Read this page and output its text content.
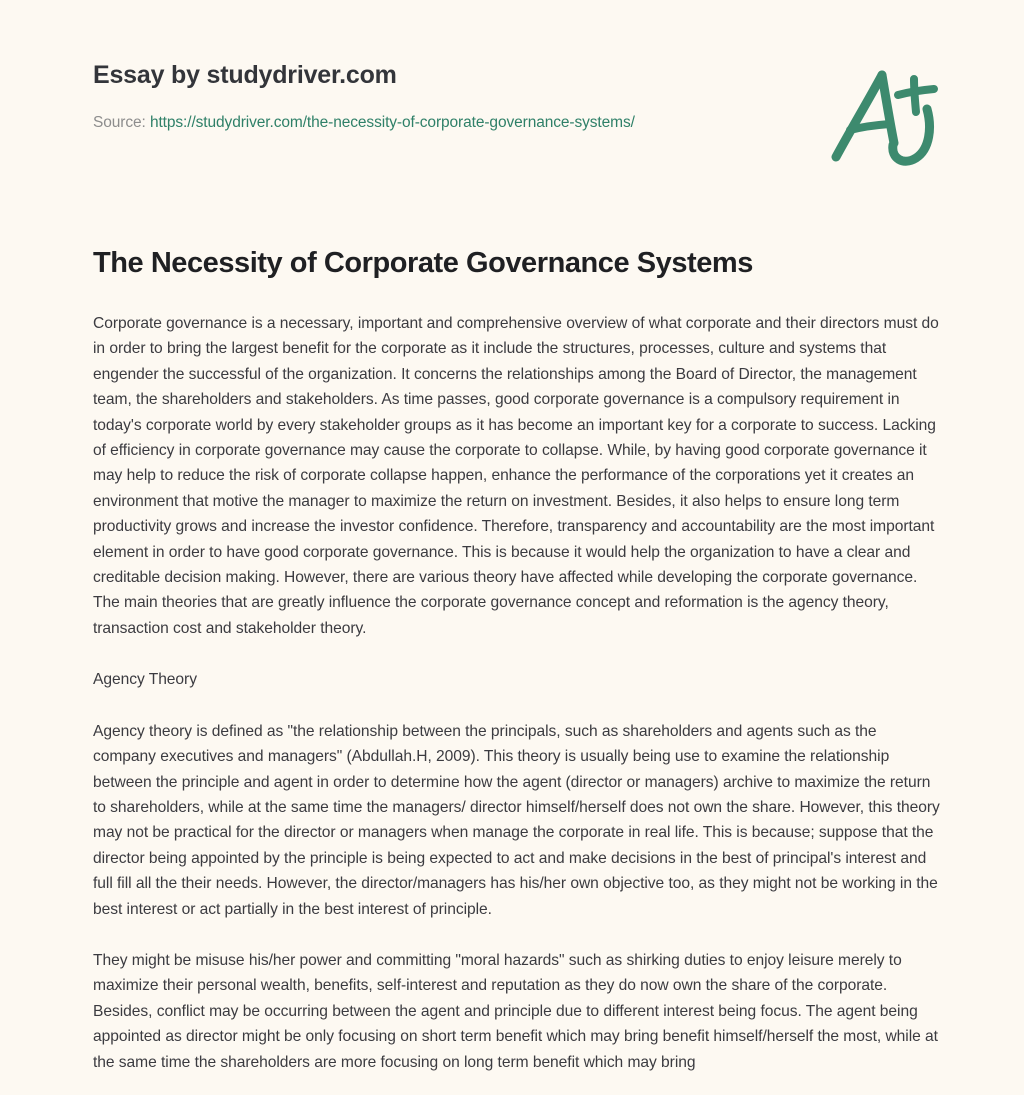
Essay by studydriver.com
Source: https://studydriver.com/the-necessity-of-corporate-governance-systems/
The Necessity of Corporate Governance Systems

Corporate governance is a necessary, important and comprehensive overview of what corporate and their directors must do in order to bring the largest benefit for the corporate as it include the structures, processes, culture and systems that engender the successful of the organization. It concerns the relationships among the Board of Director, the management team, the shareholders and stakeholders. As time passes, good corporate governance is a compulsory requirement in today's corporate world by every stakeholder groups as it has become an important key for a corporate to success. Lacking of efficiency in corporate governance may cause the corporate to collapse. While, by having good corporate governance it may help to reduce the risk of corporate collapse happen, enhance the performance of the corporations yet it creates an environment that motive the manager to maximize the return on investment. Besides, it also helps to ensure long term productivity grows and increase the investor confidence. Therefore, transparency and accountability are the most important element in order to have good corporate governance. This is because it would help the organization to have a clear and creditable decision making. However, there are various theory have affected while developing the corporate governance. The main theories that are greatly influence the corporate governance concept and reformation is the agency theory, transaction cost and stakeholder theory.

Agency Theory

Agency theory is defined as "the relationship between the principals, such as shareholders and agents such as the company executives and managers" (Abdullah.H, 2009). This theory is usually being use to examine the relationship between the principle and agent in order to determine how the agent (director or managers) archive to maximize the return to shareholders, while at the same time the managers/ director himself/herself does not own the share. However, this theory may not be practical for the director or managers when manage the corporate in real life. This is because; suppose that the director being appointed by the principle is being expected to act and make decisions in the best of principal's interest and full fill all the their needs. However, the director/managers has his/her own objective too, as they might not be working in the best interest or act partially in the best interest of principle.

They might be misuse his/her power and committing "moral hazards" such as shirking duties to enjoy leisure merely to maximize their personal wealth, benefits, self-interest and reputation as they do now own the share of the corporate. Besides, conflict may be occurring between the agent and principle due to different interest being focus. The agent being appointed as director might be only focusing on short term benefit which may bring benefit himself/herself the most, while at the same time the shareholders are more focusing on long term benefit which may bring
